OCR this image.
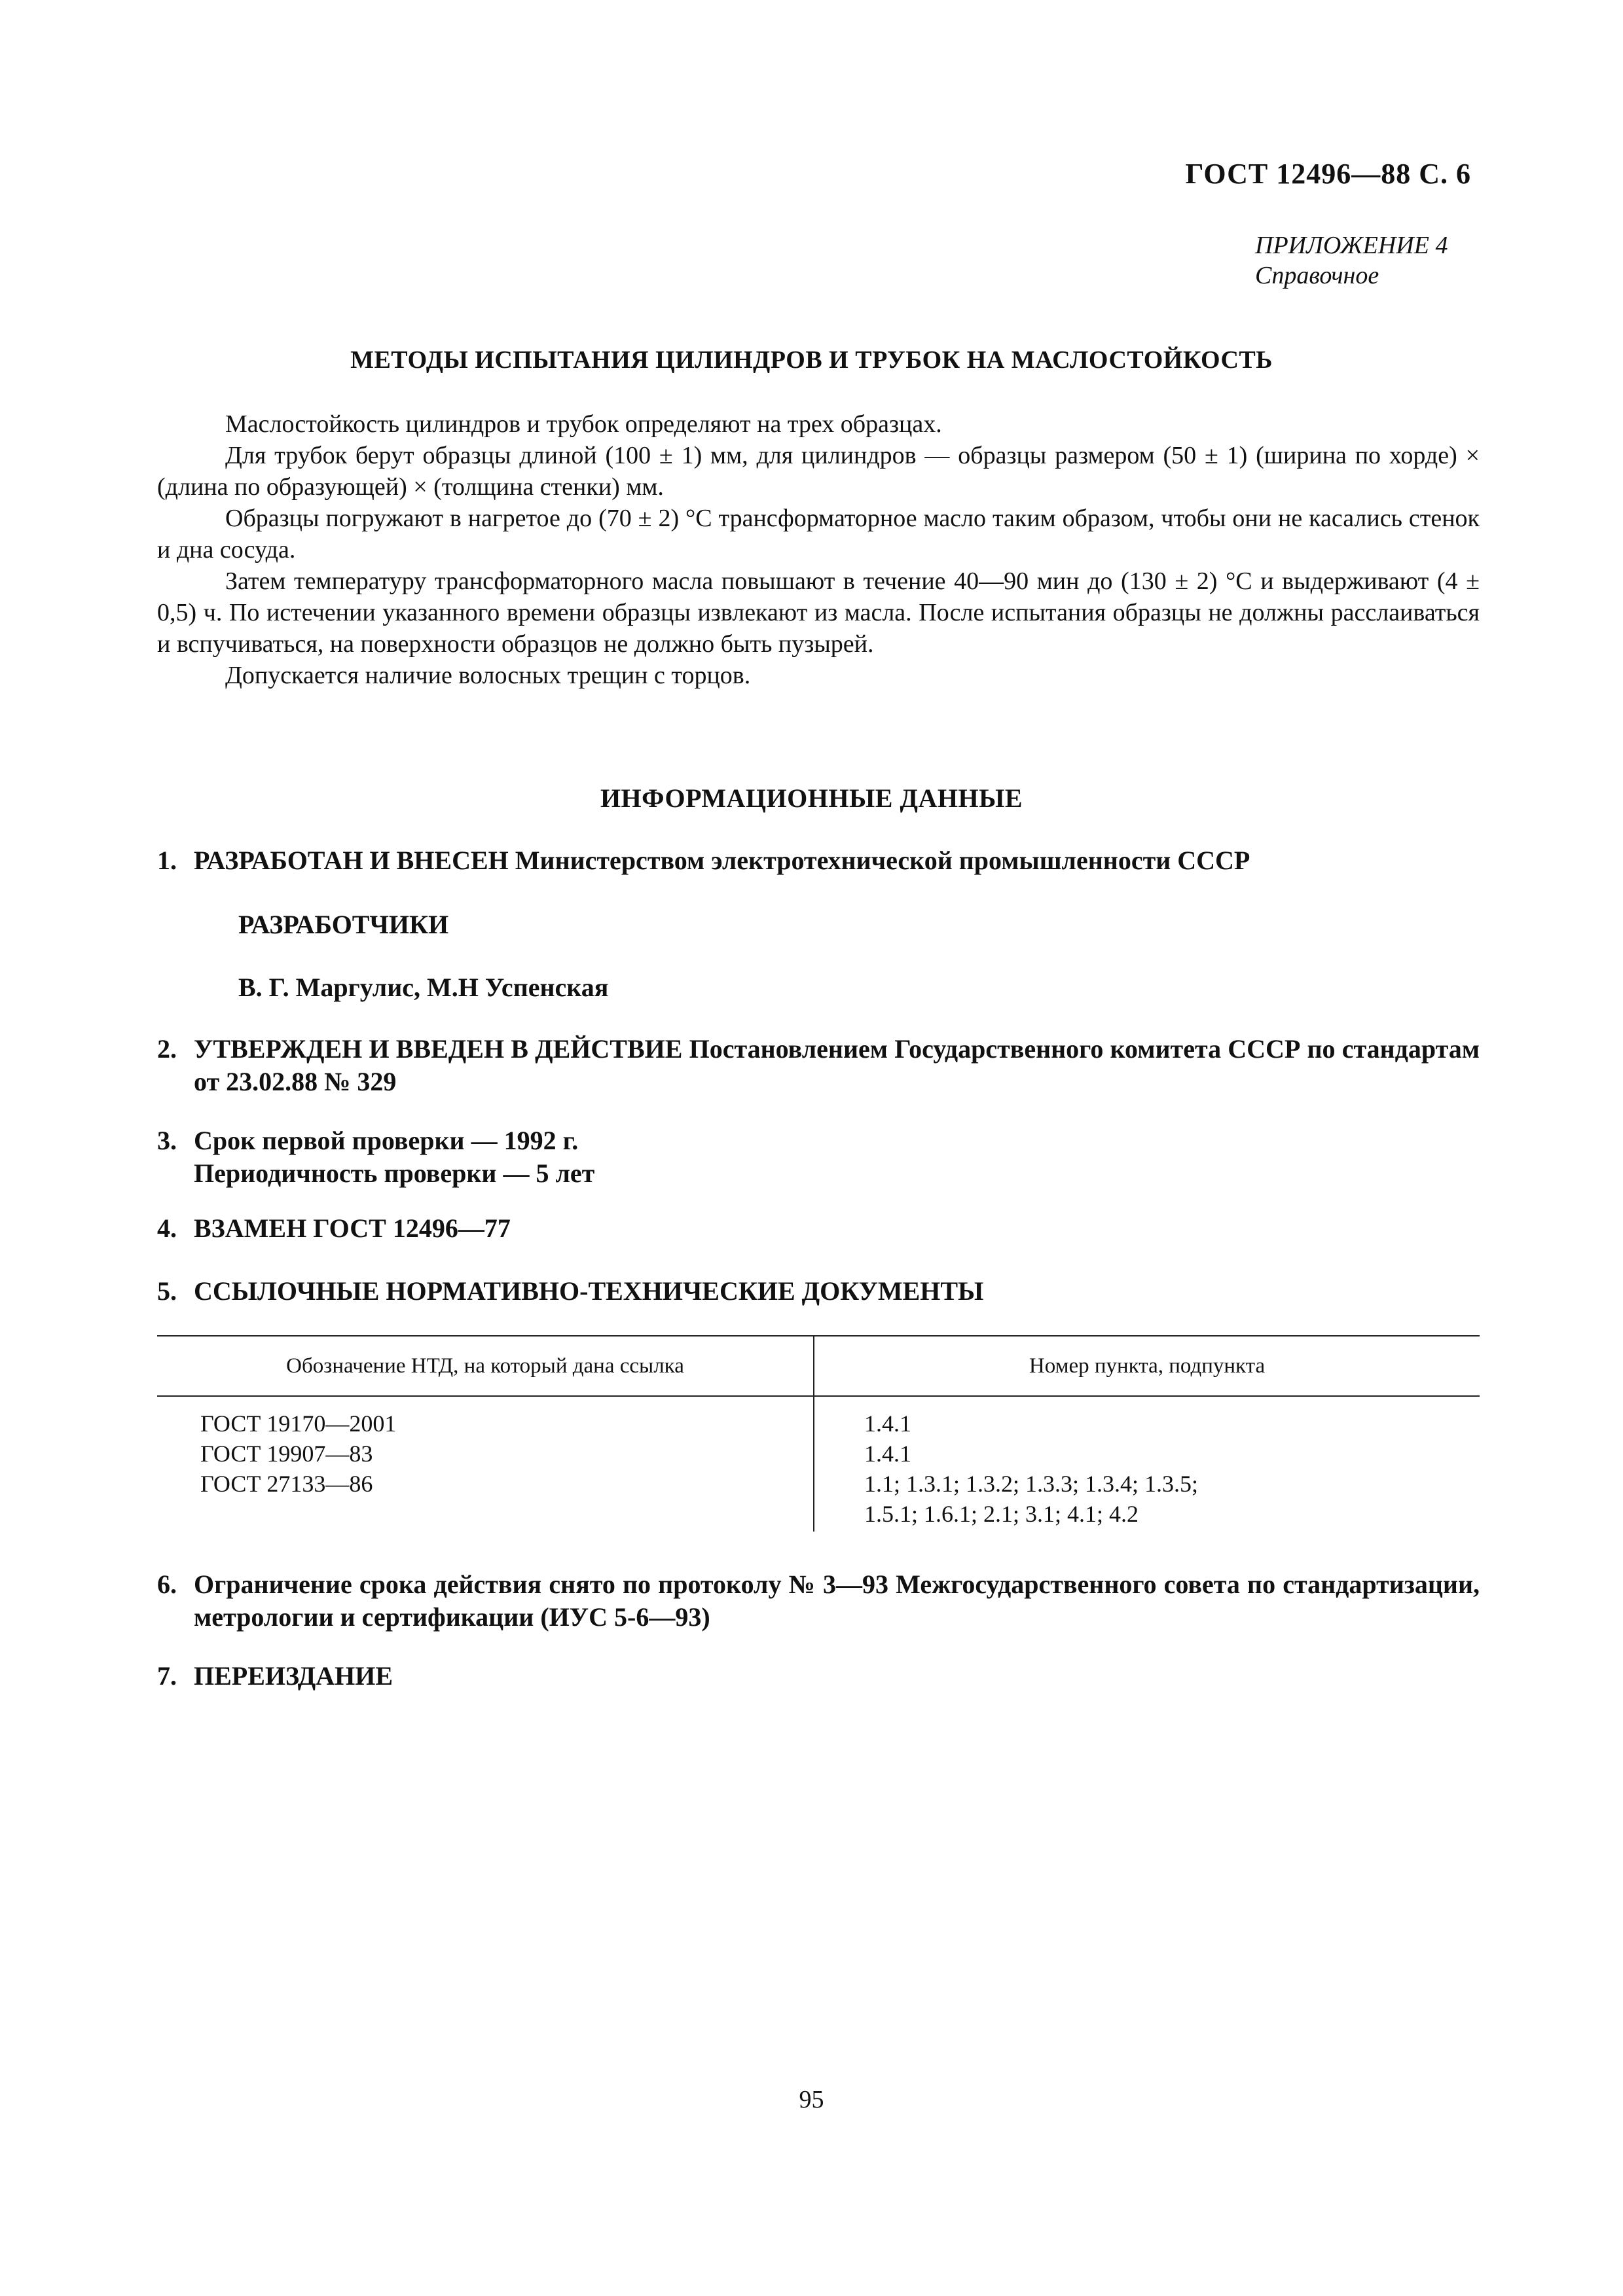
ГОСТ 12496—88 С. 6
ПРИЛОЖЕНИЕ 4
Справочное
МЕТОДЫ ИСПЫТАНИЯ ЦИЛИНДРОВ И ТРУБОК НА МАСЛОСТОЙКОСТЬ

Маслостойкость цилиндров и трубок определяют на трех образцах.

Для трубок берут образцы длиной (100 ± 1) мм, для цилиндров — образцы размером (50 ± 1) (ширина по хорде) × (длина по образующей) × (толщина стенки) мм.

Образцы погружают в нагретое до (70 ± 2) °С трансформаторное масло таким образом, чтобы они не касались стенок и дна сосуда.

Затем температуру трансформаторного масла повышают в течение 40—90 мин до (130 ± 2) °С и выдерживают (4 ± 0,5) ч. По истечении указанного времени образцы извлекают из масла. После испытания образцы не должны расслаиваться и вспучиваться, на поверхности образцов не должно быть пузырей.

Допускается наличие волосных трещин с торцов.

ИНФОРМАЦИОННЫЕ ДАННЫЕ
1. РАЗРАБОТАН И ВНЕСЕН Министерством электротехнической промышленности СССР
РАЗРАБОТЧИКИ
В. Г. Маргулис, М.Н Успенская
2. УТВЕРЖДЕН И ВВЕДЕН В ДЕЙСТВИЕ Постановлением Государственного комитета СССР по стандартам от 23.02.88 № 329
3. Срок первой проверки — 1992 г.
Периодичность проверки — 5 лет
4. ВЗАМЕН ГОСТ 12496—77
5. ССЫЛОЧНЫЕ НОРМАТИВНО-ТЕХНИЧЕСКИЕ ДОКУМЕНТЫ
6. Ограничение срока действия снято по протоколу № 3—93 Межгосударственного совета по стандартизации, метрологии и сертификации (ИУС 5-6—93)
7. ПЕРЕИЗДАНИЕ
Обозначение НТД, на который дана ссылка	Номер пункта, подпункта
ГОСТ 19170—2001
ГОСТ 19907—83
ГОСТ 27133—86
1.4.1
1.4.1
1.1; 1.3.1; 1.3.2; 1.3.3; 1.3.4; 1.3.5;
1.5.1; 1.6.1; 2.1; 3.1; 4.1; 4.2
95
